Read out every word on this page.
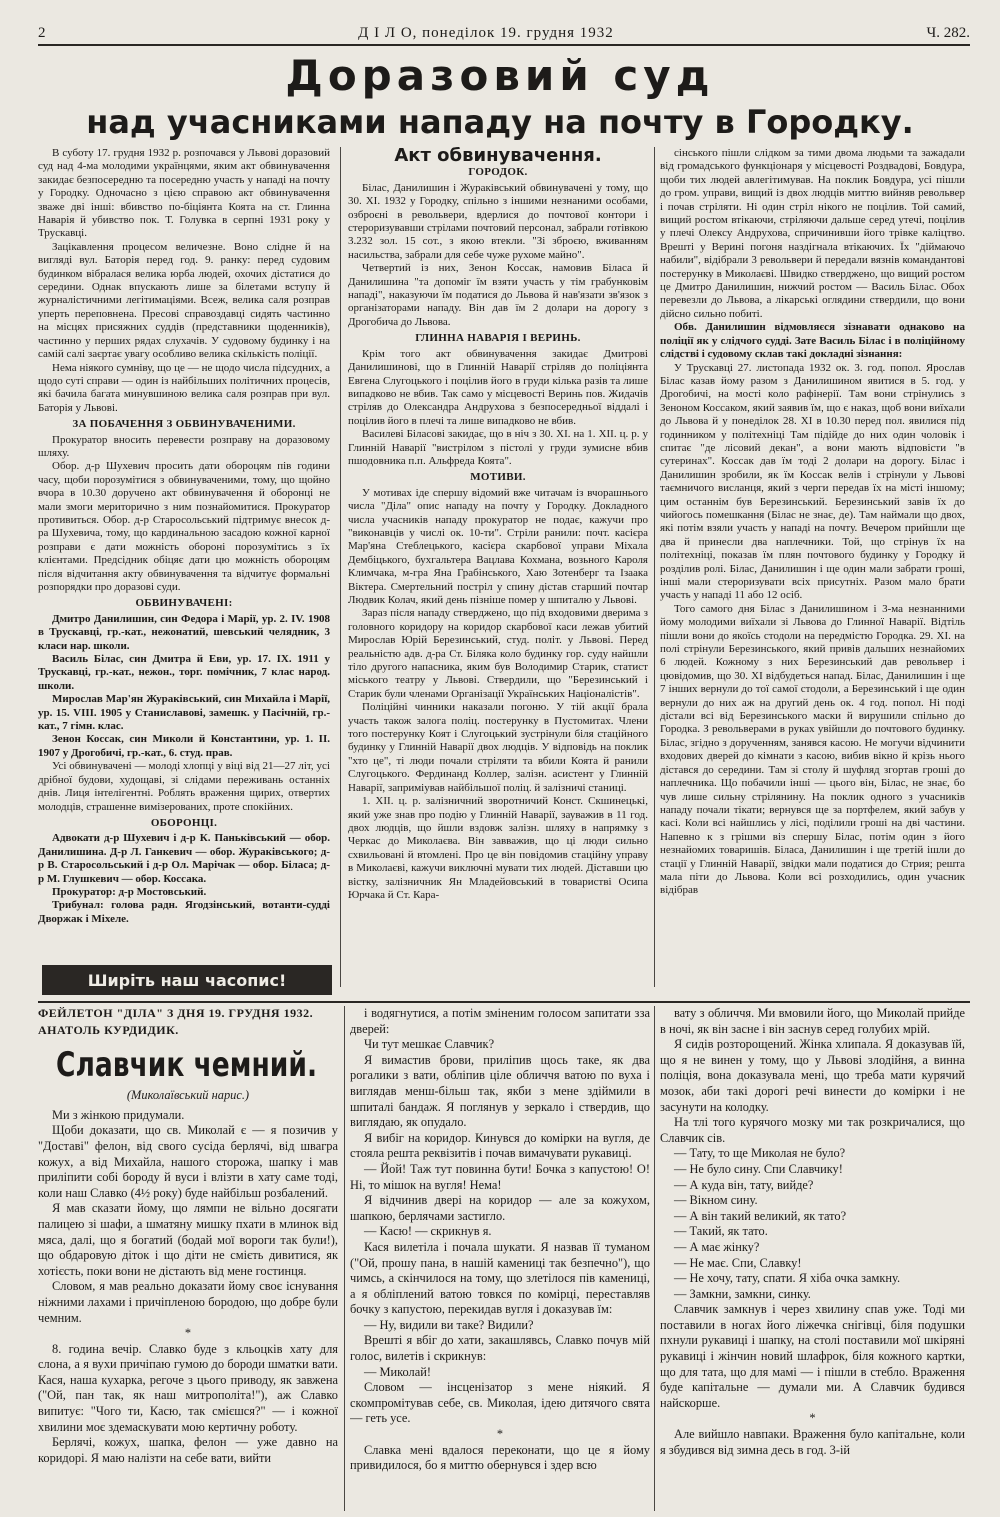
2	Д І Л О, понеділок 19. грудня 1932	Ч. 282.
Доразовий суд
над учасниками нападу на почту в Городку.

В суботу 17. грудня 1932 р. розпочався у Львові доразовий суд над 4-ма молодими українцями, яким акт обвинувачення закидає безпосередню та посередню участь у нападі на почту у Городку. Одночасно з цією справою акт обвинувачення зваже дві інші: вбивство по-біціянта Коята на ст. Глинна Наварія й убивство пок. Т. Голувка в серпні 1931 року у Трускавці.

Зацікавлення процесом величезне. Воно слідне й на вигляді вул. Баторія перед год. 9. ранку: перед судовим будинком вібралася велика юрба людей, охочих дістатися до середини. Однак впускають лише за білетами вступу й журналістичними легітимаціями. Всеж, велика саля розправ уперть переповнена. Пресові справоздавці сидять частинно на місцях присяжних суддів (представники щоденників), частинно у перших рядах слухачів. У судовому будинку і на самій салі заєртає увагу особливо велика скількість поліції.

Нема ніякого сумніву, що це — не щодо числа підсудних, а щодо суті справи — один із найбільших політичних процесів, які бачила багата минувшиною велика саля розправ при вул. Баторія у Львові.

ЗА ПОБАЧЕННЯ З ОБВИНУВАЧЕНИМИ.

Прокуратор вносить перевести розправу на доразовому шляху.

Обор. д-р Шухевич просить дати обороцям пів години часу, щоби порозумітися з обвинуваченими, тому, що щойно вчора в 10.30 доручено акт обвинувачення й оборонці не мали змоги мериторично з ним познайомитися. Прокуратор противиться. Обор. д-р Старосольський підтримує внесок д-ра Шухевича, тому, що кардинальною засадою кожної карної розправи є дати можність обороні порозумітись з їх клієнтами. Предсідник обіцяє дати цю можність обороцям після відчитання акту обвинувачення та відчитує формальні розпорядки про доразові суди.

ОБВИНУВАЧЕНІ:

Дмитро Данилишин, син Федора і Марії, ур. 2. IV. 1908 в Трускавці, гр.-кат., нежонатий, шевський челядник, 3 класи нар. школи.

Василь Білас, син Дмитра й Еви, ур. 17. IX. 1911 у Трускавці, гр.-кат., нежон., торг. помічник, 7 клас народ. школи.

Мирослав Мар'ян Жураківський, син Михайла і Марії, ур. 15. VIII. 1905 у Станиславові, замешк. у Пасічній, гр.-кат., 7 гімн. клас.

Зенон Коссак, син Миколи й Константини, ур. 1. II. 1907 у Дрогобичі, гр.-кат., 6. студ. прав.

Усі обвинувачені — молоді хлопці у віці від 21—27 літ, усі дрібної будови, худощаві, зі слідами переживань останніх днів. Лиця інтелігентні. Роблять враження щирих, отвертих молодців, страшенне вимізерованих, проте спокійних.

ОБОРОНЦІ.

Адвокати д-р Шухевич і д-р К. Паньківський — обор. Данилишина. Д-р Л. Ганкевич — обор. Жураківського; д-р В. Старосольський і д-р Ол. Марічак — обор. Біласа; д-р М. Глушкевич — обор. Коссака.

Прокуратор: д-р Мостовський.

Трибунал: голова радн. Ягодзінський, вотанти-судді Дворжак і Міхеле.

Ширіть наш часопис!
Акт обвинувачення.
ГОРОДОК.

Білас, Данилишин і Жураківський обвинувачені у тому, що 30. XI. 1932 у Городку, спільно з іншими незнаними особами, озброєні в револьвери, вдерлися до почтової контори і стероризувавши стрілами почтовий персонал, забрали готівкою 3.232 зол. 15 сот., з якою втекли. "Зі зброєю, вживанням насильства, забрали для себе чуже рухоме майно".

Четвертий із них, Зенон Коссак, намовив Біласа й Данилишина "та допоміг їм взяти участь у тім грабунковім нападі", наказуючи їм податися до Львова й нав'язати зв'язок з організаторами нападу. Він дав їм 2 долари на дорогу з Дрогобича до Львова.

ГЛИННА НАВАРІЯ І ВЕРИНЬ.

Крім того акт обвинувачення закидає Дмитрові Данилишинові, що в Глинній Наварії стріляв до поліціянта Евгена Слугоцького і поцілив його в груди кілька разів та лише випадково не вбив. Так само у місцевості Веринь пов. Жидачів стріляв до Олександра Андрухова з безпосередньої віддалі і поцілив його в плечі та лише випадково не вбив.

Василеві Біласові закидає, що в ніч з 30. XI. на 1. XII. ц. р. у Глинній Наварії "вистрілом з пістолі у груди зумисне вбив пшодовника п.п. Альфреда Коята".

МОТИВИ.

У мотивах іде спершу відомий вже читачам із вчорашнього числа "Діла" опис нападу на почту у Городку. Докладного числа учасників нападу прокуратор не подає, кажучи про "виконавців у числі ок. 10-ти". Стріли ранили: почт. касієра Мар'яна Стеблецького, касієра скарбової управи Міхала Дембіцького, бухгальтера Вацлава Кохмана, возьного Кароля Климчака, м-гра Яна Грабінського, Хаю Зотенберг та Ізаака Віктера. Смертельний постріл у спину дістав старший почтар Людвик Колач, який день пізніше помер у шпиталю у Львові.

Зараз після нападу стверджено, що під входовими дверима з головного коридору на коридор скарбової каси лежав убитий Мирослав Юрій Березинський, студ. політ. у Львові. Перед реальністю адв. д-ра Ст. Біляка коло будинку гор. суду найшли тіло другого напасника, яким був Володимир Старик, статист міського театру у Львові. Ствердили, що "Березинський і Старик були членами Організації Українських Націоналістів".

Поліційні чинники наказали погоню. У тій акції брала участь також залога поліц. постерунку в Пустомитах. Члени того постерунку Коят і Слугоцький зустрінули біля стаційного будинку у Глинній Наварії двох людців. У відповідь на поклик "хто це", ті люди почали стріляти та вбили Коята й ранили Слугоцького. Фердинанд Коллер, залізн. асистент у Глинній Наварії, заприміував найбільшої поліц. й залізничі станиці.

1. XII. ц. р. залізничний зворотничий Конст. Скшинецькі, який уже знав про подію у Глинній Наварії, зауважив в 11 год. двох людців, що йшли вздовж залізн. шляху в напрямку з Черкас до Миколаєва. Він завважив, що ці люди сильно схвильовані й втомлені. Про це він повідомив стаційну управу в Миколаєві, кажучи виключні мувати тих людей. Діставши цю вістку, залізничник Ян Младейовський в товаристві Осипа Юрчака й Ст. Кара-

сінського пішли слідком за тими двома людьми та зажадали від громадського функціонаря у місцевості Роздвадові, Бовдура, щоби тих людей авлегітимував. На поклик Бовдура, усі пішли до гром. управи, вищий із двох людців миттю вийняв револьвер і почав стріляти. Ні один стріл нікого не поцілив. Той самий, вищий ростом втікаючи, стріляючи дальше серед утечі, поцілив у плечі Олексу Андрухова, спричинивши його трівке каліцтво. Врешті у Верині погоня наздігнала втікаючих. Їх "діймаючо набили", відібрали 3 револьвери й передали вязнів командантові постерунку в Миколаєві. Швидко стверджено, що вищий ростом це Дмитро Данилишин, нижчий ростом — Василь Білас. Обох перевезли до Львова, а лікарські оглядини ствердили, що вони дійсно сильно побиті.

Обв. Данилишин відмовляєся зізнавати однаково на поліції як у слідчого судді. Зате Василь Білас і в поліційному слідстві і судовому склав такі докладні зізнання:

У Трускавці 27. листопада 1932 ок. 3. год. попол. Ярослав Білас казав йому разом з Данилишином явитися в 5. год. у Дрогобичі, на мості коло рафінерії. Там вони стрінулись з Зеноном Коссаком, який заявив їм, що є наказ, щоб вони виїхали до Львова й у понеділок 28. XI в 10.30 перед пол. явилися під годинником у політехніці Там підійде до них один чоловік і спитає "де лісовий декан", а вони мають відповісти "в сутеринах". Коссак дав їм тоді 2 долари на дорогу. Білас і Данилишин зробили, як їм Коссак велів і стрінули у Львові таємничого висланця, який з черги передав їх на місті іншому; цим останнім був Березинський. Березинський завів їх до чийогось помешкання (Білас не знає, де). Там наймали що двох, які потім взяли участь у нападі на почту. Вечером прийшли ще два й принесли два наплечники. Той, що стрінув їх на політехніці, показав їм плян почтового будинку у Городку й розділив ролі. Білас, Данилишин і ще один мали забрати гроші, інші мали стероризувати всіх присутніх. Разом мало брати участь у нападі 11 або 12 осіб.

Того самого дня Білас з Данилишином і 3-ма незнанними йому молодими виїхали зі Львова до Глинної Наварії. Відтіль пішли вони до якоїсь стодоли на передмістю Городка. 29. XI. на полі стрінули Березинського, який привів дальших незнайомих 6 людей. Кожному з них Березинський дав револьвер і цювідомив, що 30. XI відбудеться напад. Білас, Данилишин і ще 7 інших вернули до тої самої стодоли, а Березинський і ще один вернули до них аж на другий день ок. 4 год. попол. Ні поді дістали всі від Березинського маски й вирушили спільно до Городка. З револьверами в руках увійшли до почтового будинку. Білас, згідно з дорученням, занявся касою. Не могучи відчинити входових дверей до кімнати з касою, вибив вікно й крізь нього дістався до середини. Там зі столу й шуфляд згортав гроші до наплечника. Що побачили інші — цього він, Білас, не знає, бо чув лише сильну стрілянину. На поклик одного з учасників нападу почали тікати; вернувся ще за портфелем, який забув у касі. Коли всі найшлись у лісі, поділили гроші на дві частини. Напевно к з грішми віз спершу Білас, потім один з його незнайомих товаришів. Біласа, Данилишин і ще третій ішли до стації у Глинній Наварії, звідки мали податися до Стрия; решта мала піти до Львова. Коли всі розходились, один учасник відібрав

ФЕЙЛЕТОН "ДІЛА" З ДНЯ 19. ГРУДНЯ 1932.
АНАТОЛЬ КУРДИДИК.
Славчик чемний.
(Миколаївський нарис.)

Ми з жінкою придумали.

Щоби доказати, що св. Миколай є — я позичив у "Доставі" фелон, від свого сусіда берлячі, від швагра кожух, а від Михайла, нашого сторожа, шапку і мав приліпити собі бороду й вуси і влізти в хату саме тоді, коли наш Славко (4½ року) буде найбільш розбалений.

Я мав сказати йому, що лямпи не вільно досягати палицею зі шафи, а шматяну мишку пхати в млинок від мяса, далі, що я богатий (бодай мої вороги так були!), що обдаровую діток і що діти не смієть дивитися, як хотієсть, поки вони не дістають від мене гостинця.

Словом, я мав реально доказати йому своє існування ніжними лахами і причіпленою бородою, що добре були чемним.

*

8. година вечір. Славко буде з кльоцків хату для слона, а я вухи причіпаю гумою до бороди шматки вати. Кася, наша кухарка, регоче з цього приводу, як завжена ("Ой, пан так, як наш митрополіта!"), аж Славко випитує: "Чого ти, Касю, так смієшся?" — і кожної хвилини моє здемаскувати мою кертичну роботу.

Берлячі, кожух, шапка, фелон — уже давно на коридорі. Я маю налізти на себе вати, вийти

і водягнутися, а потім зміненим голосом запитати зза дверей:

Чи тут мешкає Славчик?

Я вимастив брови, приліпив щось таке, як два рогалики з вати, обліпив ціле обличчя ватою по вуха і виглядав менш-більш так, якби з мене здіймили в шпиталі бандаж. Я поглянув у зеркало і ствердив, що виглядаю, як опудало.

Я вибіг на коридор. Кинувся до комірки на вугля, де стояла решта реквізитів і почав вимачувати рукавиці.

— Йой! Таж тут повинна бути! Бочка з капустою! О! Ні, то мішок на вугля! Нема!

Я відчинив двері на коридор — але за кожухом, шапкою, берлячами застигло.

— Касю! — скрикнув я.

Кася вилетіла і почала шукати. Я назвав її туманом ("Ой, прошу пана, в нашій камениці так безпечно"), що чимсь, а скінчилося на тому, що злетілося пів камениці, а я обліплений ватою товкся по комірці, переставляв бочку з капустою, перекидав вугля і доказував їм:

— Ну, видили ви таке? Видили?

Врешті я вбіг до хати, закашлявсь, Славко почув мій голос, вилетів і скрикнув:

— Миколай!

Словом — інсценізатор з мене ніякий. Я скомпромітував себе, св. Миколая, ідею дитячого свята — геть усе.

*

Славка мені вдалося переконати, що це я йому привидилося, бо я миттю обернувся і здер всю

вату з обличчя. Ми вмовили його, що Миколай прийде в ночі, як він засне і він заснув серед голубих мрій.

Я сидів розторощений. Жінка хлипала. Я доказував їй, що я не винен у тому, що у Львові злодійня, а винна поліція, вона доказувала мені, що треба мати курячий мозок, аби такі дорогі речі винести до комірки і не засунути на колодку.

На тлі того курячого мозку ми так розкричалися, що Славчик сів.

— Тату, то ще Миколая не було?

— Не було сину. Спи Славчику!

— А куда він, тату, вийде?

— Вікном сину.

— А він такий великий, як тато?

— Такий, як тато.

— А має жінку?

— Не має. Спи, Славку!

— Не хочу, тату, спати. Я хіба очка замкну.

— Замкни, замкни, синку.

Славчик замкнув і через хвилину спав уже. Тоді ми поставили в ногах його ліжечка снігівці, біля подушки пхнули рукавиці і шапку, на столі поставили мої шкіряні рукавиці і жінчин новий шлафрок, біля кожного картки, що для тата, що для мамі — і пішли в стебло. Враження буде капітальне — думали ми. А Славчик будився найскорше.

*

Але вийшло навпаки. Враження було капітальне, коли я збудився від зимна десь в год. 3-ій
